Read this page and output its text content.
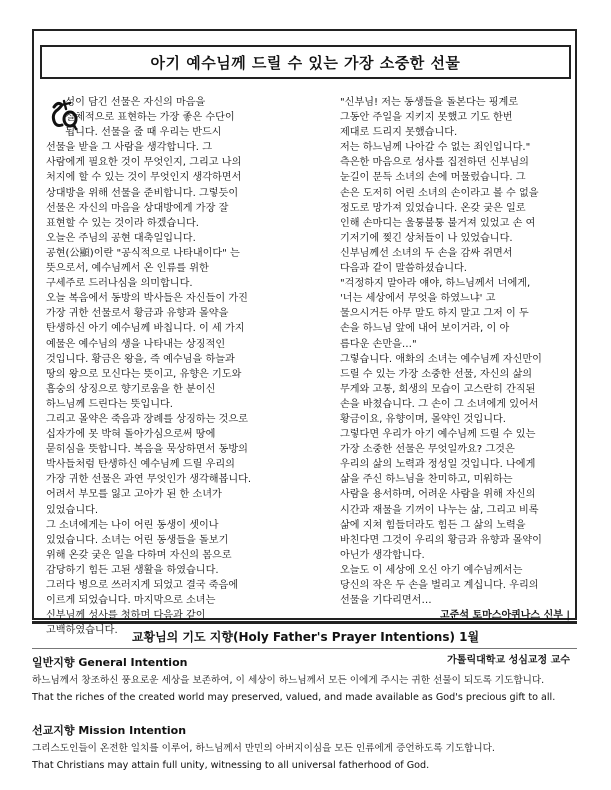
아기 예수님께 드릴 수 있는 가장 소중한 선물
성이 담긴 선물은 자신의 마음을
실체적으로 표현하는 가장 좋은 수단이
됩니다. 선물을 줄 때 우리는 반드시
선물을 받을 그 사람을 생각합니다. 그
사람에게 필요한 것이 무엇인지, 그리고 나의
처지에 할 수 있는 것이 무엇인지 생각하면서
상대방을 위해 선물을 준비합니다. 그렇듯이
선물은 자신의 마음을 상대방에게 가장 잘
표현할 수 있는 것이라 하겠습니다.
오늘은 주님의 공현 대축일입니다.
공현(公顯)이란 "공식적으로 나타내이다" 는
뜻으로서, 예수님께서 온 인류를 위한
구세주로 드러나심을 의미합니다.
오늘 복음에서 동방의 박사들은 자신들이 가진
가장 귀한 선물로서 황금과 유향과 몰약을
탄생하신 아기 예수님께 바칩니다. 이 세 가지
예물은 예수님의 생을 나타내는 상징적인
것입니다. 황금은 왕을, 즉 예수님을 하늘과
땅의 왕으로 모신다는 뜻이고, 유향은 기도와
흠숭의 상징으로 향기로움을 한 분이신
하느님께 드린다는 뜻입니다.
그리고 몰약은 죽음과 장례를 상징하는 것으로
십자가에 못 박혀 돌아가심으로써 땅에
묻히심을 뜻합니다. 복음을 묵상하면서 동방의
박사들처럼 탄생하신 예수님께 드릴 우리의
가장 귀한 선물은 과연 무엇인가 생각해봅니다.
어려서 부모를 잃고 고아가 된 한 소녀가
있었습니다.
그 소녀에게는 나이 어린 동생이 셋이나
있었습니다. 소녀는 어린 동생들을 돌보기
위해 온갖 궂은 일을 다하며 자신의 몸으로
감당하기 힘든 고된 생활을 하였습니다.
그러다 병으로 쓰러지게 되었고 결국 죽음에
이르게 되었습니다. 마지막으로 소녀는
신부님께 성사를 청하며 다음과 같이
고백하였습니다.
"신부님! 저는 동생들을 돌본다는 핑계로
그동안 주일을 지키지 못했고 기도 한번
제대로 드리지 못했습니다.
저는 하느님께 나아갈 수 없는 죄인입니다."
측은한 마음으로 성사를 집전하던 신부님의
눈길이 문득 소녀의 손에 머물렀습니다. 그
손은 도저히 어린 소녀의 손이라고 볼 수 없을
정도로 망가져 있었습니다. 온갖 궂은 일로
인해 손마디는 울퉁불퉁 불거져 있었고 손 여
기저기에 찢긴 상처들이 나 있었습니다.
신부님께선 소녀의 두 손을 감싸 쥐면서
다음과 같이 말씀하셨습니다.
"걱정하지 말아라 얘야, 하느님께서 너에게,
'너는 세상에서 무엇을 하였느냐' 고
물으시거든 아무 말도 하지 말고 그저 이 두
손을 하느님 앞에 내어 보이거라, 이 아
름다운 손만을…"
그렇습니다. 애화의 소녀는 예수님께 자신만이
드릴 수 있는 가장 소중한 선물, 자신의 삶의
무게와 고통, 희생의 모습이 고스란히 간직된
손을 바쳤습니다. 그 손이 그 소녀에게 있어서
황금이요, 유향이며, 몰약인 것입니다.
그렇다면 우리가 아기 예수님께 드릴 수 있는
가장 소중한 선물은 무엇일까요? 그것은
우리의 삶의 노력과 정성일 것입니다. 나에게
삶을 주신 하느님을 찬미하고, 미워하는
사람을 용서하며, 어려운 사람을 위해 자신의
시간과 재물을 기꺼이 나누는 삶, 그리고 비록
삶에 지쳐 힘들더라도 힘든 그 삶의 노력을
바친다면 그것이 우리의 황금과 유향과 몰약이
아닌가 생각합니다.
오늘도 이 세상에 오신 아기 예수님께서는
당신의 작은 두 손을 벌리고 계십니다. 우리의
선물을 기다리면서…

고준석 토마스아퀴나스 신부 |

가톨릭대학교 성심교정 교수

교황님의 기도 지향(Holy Father's Prayer Intentions) 1월
일반지향 General Intention
하느님께서 창조하신 풍요로운 세상을 보존하여, 이 세상이 하느님께서 모든 이에게 주시는 귀한 선물이 되도록 기도합니다.
That the riches of the created world may preserved, valued, and made available as God's precious gift to all.
선교지향 Mission Intention
그리스도인들이 온전한 일치를 이루어, 하느님께서 만민의 아버지이심을 모든 인류에게 증언하도록 기도합니다.
That Christians may attain full unity, witnessing to all universal fatherhood of God.
